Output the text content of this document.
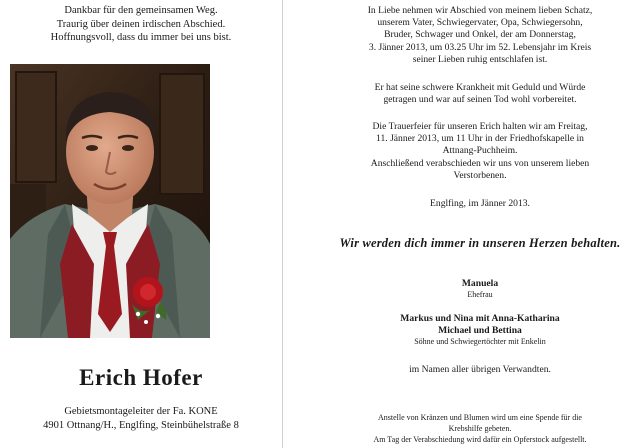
Dankbar für den gemeinsamen Weg.
Traurig über deinen irdischen Abschied.
Hoffnungsvoll, dass du immer bei uns bist.
Erich Hofer
Gebietsmontageleiter der Fa. KONE
4901 Ottnang/H., Englfing, Steinbühelstraße 8
In Liebe nehmen wir Abschied von meinem lieben Schatz,
unserem Vater, Schwiegervater, Opa, Schwiegersohn,
Bruder, Schwager und Onkel, der am Donnerstag,
3. Jänner 2013, um 03.25 Uhr im 52. Lebensjahr im Kreis
seiner Lieben ruhig entschlafen ist.
Er hat seine schwere Krankheit mit Geduld und Würde
getragen und war auf seinen Tod wohl vorbereitet.
Die Trauerfeier für unseren Erich halten wir am Freitag,
11. Jänner 2013, um 11 Uhr in der Friedhofskapelle in
Attnang-Puchheim.
Anschließend verabschieden wir uns von unserem lieben
Verstorbenen.
Englfing, im Jänner 2013.
Wir werden dich immer in unseren Herzen behalten.
Manuela
Ehefrau
Markus und Nina mit Anna-Katharina
Michael und Bettina
Söhne und Schwiegertöchter mit Enkelin
im Namen aller übrigen Verwandten.
Anstelle von Kränzen und Blumen wird um eine Spende für die
Krebshilfe gebeten.
Am Tag der Verabschiedung wird dafür ein Opferstock aufgestellt.
